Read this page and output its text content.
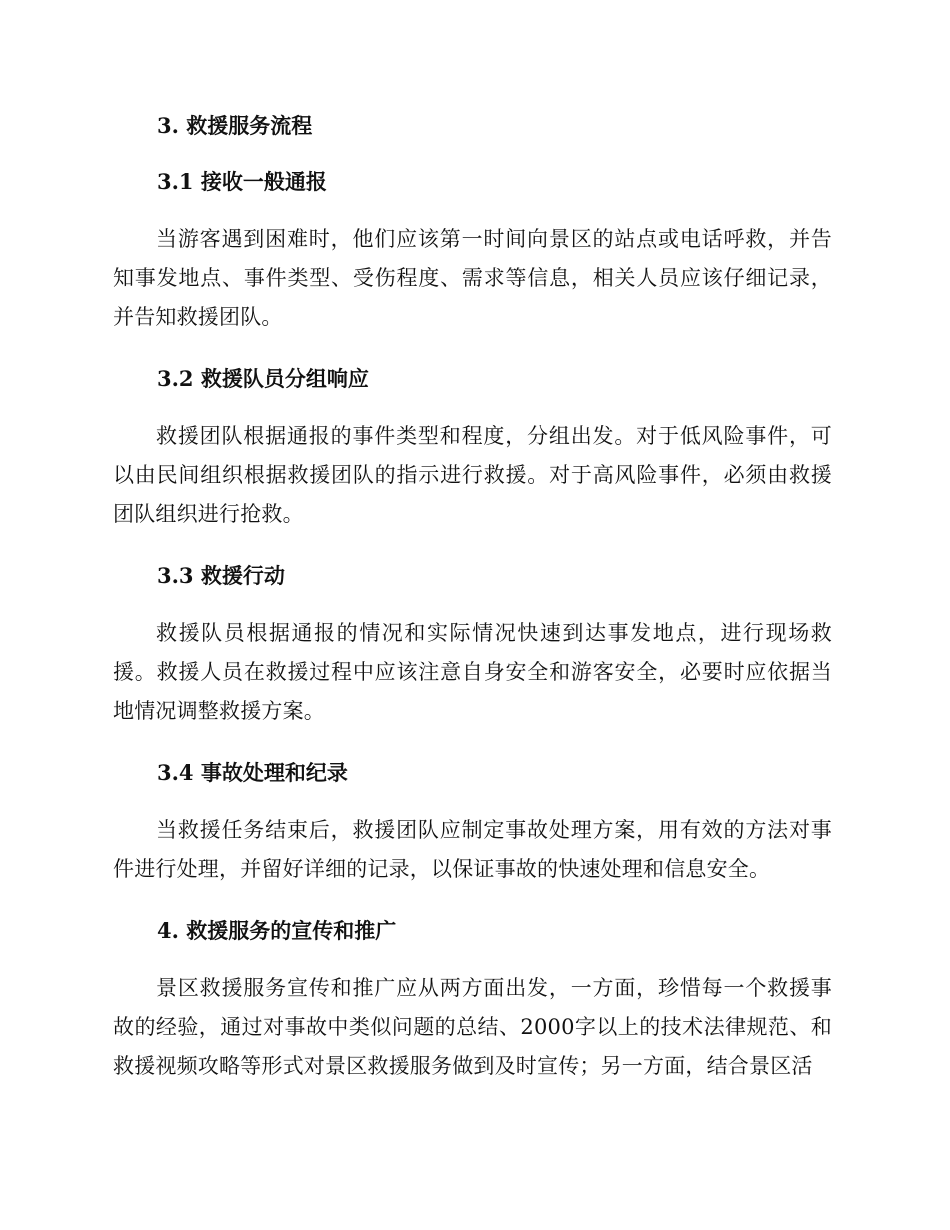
3. 救援服务流程
3.1 接收一般通报

当游客遇到困难时，他们应该第一时间向景区的站点或电话呼救，并告知事发地点、事件类型、受伤程度、需求等信息，相关人员应该仔细记录，并告知救援团队。

3.2 救援队员分组响应

救援团队根据通报的事件类型和程度，分组出发。对于低风险事件，可以由民间组织根据救援团队的指示进行救援。对于高风险事件，必须由救援团队组织进行抢救。

3.3 救援行动

救援队员根据通报的情况和实际情况快速到达事发地点，进行现场救援。救援人员在救援过程中应该注意自身安全和游客安全，必要时应依据当地情况调整救援方案。

3.4 事故处理和纪录

当救援任务结束后，救援团队应制定事故处理方案，用有效的方法对事件进行处理，并留好详细的记录，以保证事故的快速处理和信息安全。

4. 救援服务的宣传和推广

景区救援服务宣传和推广应从两方面出发，一方面，珍惜每一个救援事故的经验，通过对事故中类似问题的总结、2000字以上的技术法律规范、和救援视频攻略等形式对景区救援服务做到及时宣传；另一方面，结合景区活
